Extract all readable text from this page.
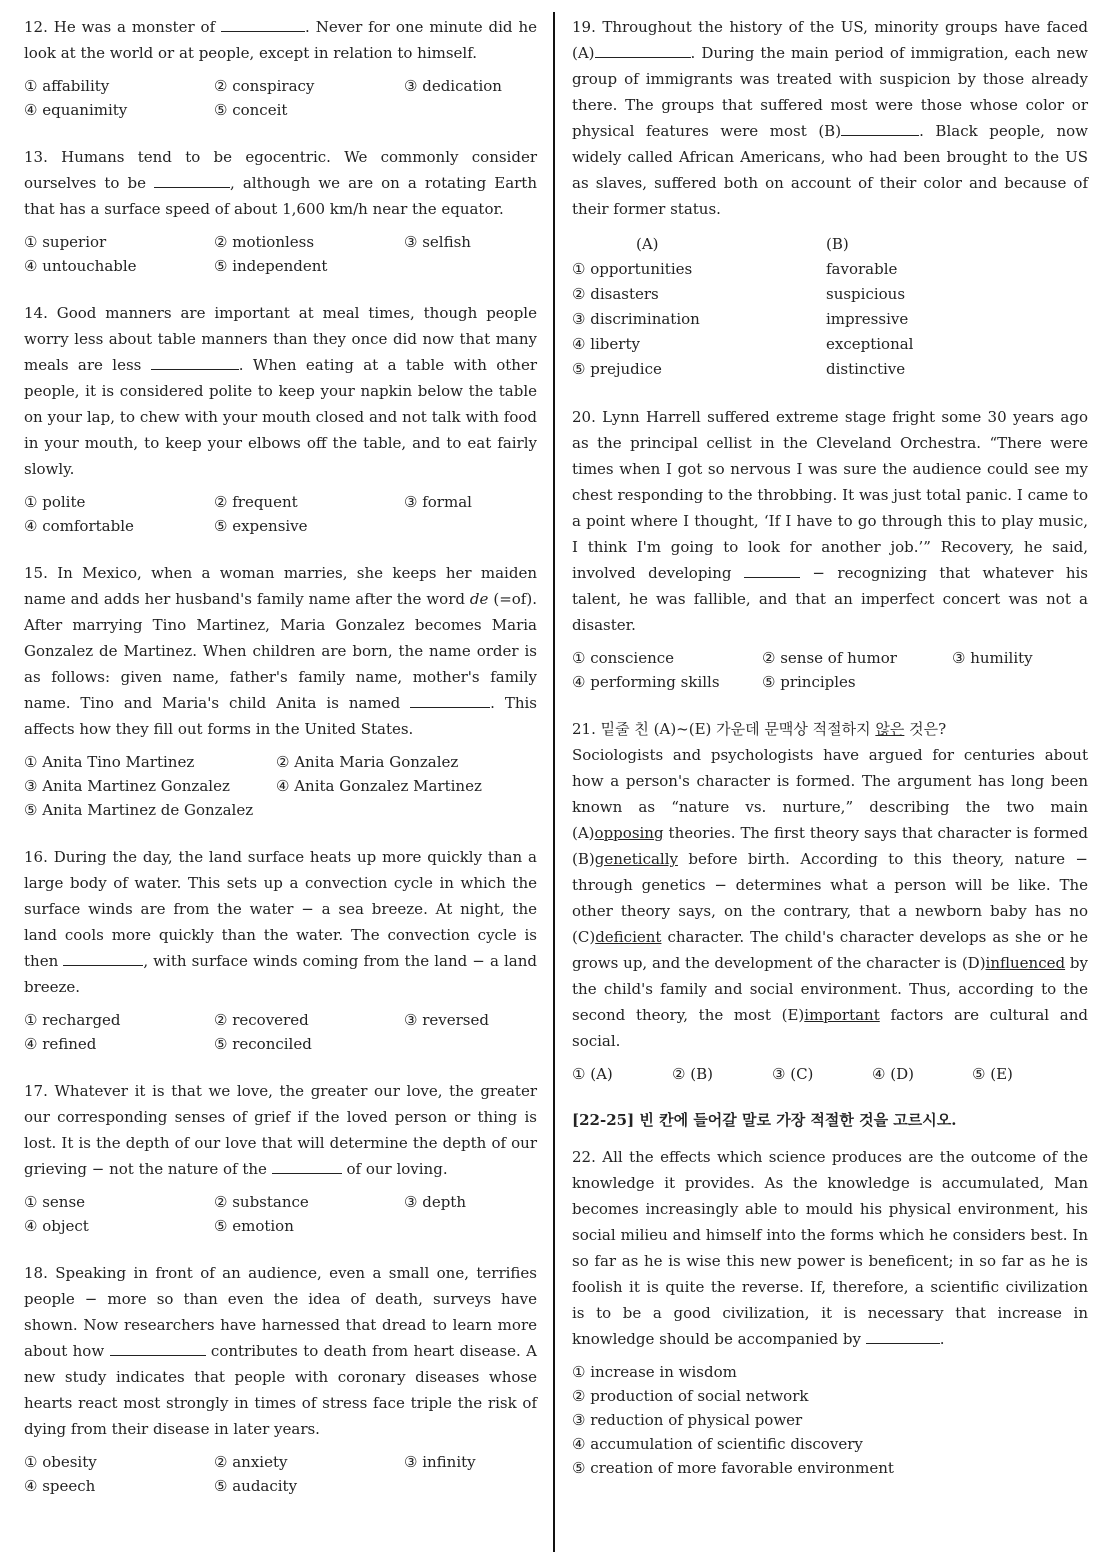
12. He was a monster of	. Never for one minute did he look at the world or at people, except in relation to himself.

① affability	② conspiracy	③ dedication
④ equanimity	⑤ conceit

13. Humans tend to be egocentric. We commonly consider ourselves to be	, although we are on a rotating Earth that has a surface speed of about 1,600 km/h near the equator.

① superior	② motionless	③ selfish
④ untouchable	⑤ independent

14. Good manners are important at meal times, though people worry less about table manners than they once did now that many meals are less	. When eating at a table with other people, it is considered polite to keep your napkin below the table on your lap, to chew with your mouth closed and not talk with food in your mouth, to keep your elbows off the table, and to eat fairly slowly.

① polite	② frequent	③ formal
④ comfortable	⑤ expensive

15. In Mexico, when a woman marries, she keeps her maiden name and adds her husband's family name after the word de (=of). After marrying Tino Martinez, Maria Gonzalez becomes Maria Gonzalez de Martinez. When children are born, the name order is as follows: given name, father's family name, mother's family name. Tino and Maria's child Anita is named	. This affects how they fill out forms in the United States.

① Anita Tino Martinez	② Anita Maria Gonzalez
③ Anita Martinez Gonzalez	④ Anita Gonzalez Martinez
⑤ Anita Martinez de Gonzalez

16. During the day, the land surface heats up more quickly than a large body of water. This sets up a convection cycle in which the surface winds are from the water − a sea breeze. At night, the land cools more quickly than the water. The convection cycle is then	, with surface winds coming from the land − a land breeze.

① recharged	② recovered	③ reversed
④ refined	⑤ reconciled

17. Whatever it is that we love, the greater our love, the greater our corresponding senses of grief if the loved person or thing is lost. It is the depth of our love that will determine the depth of our grieving − not the nature of the	of our loving.

① sense	② substance	③ depth
④ object	⑤ emotion

18. Speaking in front of an audience, even a small one, terrifies people − more so than even the idea of death, surveys have shown. Now researchers have harnessed that dread to learn more about how	contributes to death from heart disease. A new study indicates that people with coronary diseases whose hearts react most strongly in times of stress face triple the risk of dying from their disease in later years.

① obesity	② anxiety	③ infinity
④ speech	⑤ audacity

19. Throughout the history of the US, minority groups have faced (A)	. During the main period of immigration, each new group of immigrants was treated with suspicion by those already there. The groups that suffered most were those whose color or physical features were most (B)	. Black people, now widely called African Americans, who had been brought to the US as slaves, suffered both on account of their color and because of their former status.

(A)	(B)
① opportunities	favorable
② disasters	suspicious
③ discrimination	impressive
④ liberty	exceptional
⑤ prejudice	distinctive

20. Lynn Harrell suffered extreme stage fright some 30 years ago as the principal cellist in the Cleveland Orchestra. “There were times when I got so nervous I was sure the audience could see my chest responding to the throbbing. It was just total panic. I came to a point where I thought, ‘If I have to go through this to play music, I think I'm going to look for another job.’” Recovery, he said, involved developing	− recognizing that whatever his talent, he was fallible, and that an imperfect concert was not a disaster.

① conscience	② sense of humor	③ humility
④ performing skills	⑤ principles

21. 밑줄 친 (A)~(E) 가운데 문맥상 적절하지 않은 것은?

Sociologists and psychologists have argued for centuries about how a person's character is formed. The argument has long been known as “nature vs. nurture,” describing the two main (A)opposing theories. The first theory says that character is formed (B)genetically before birth. According to this theory, nature − through genetics − determines what a person will be like. The other theory says, on the contrary, that a newborn baby has no (C)deficient character. The child's character develops as she or he grows up, and the development of the character is (D)influenced by the child's family and social environment. Thus, according to the second theory, the most (E)important factors are cultural and social.

① (A)	② (B)	③ (C)	④ (D)	⑤ (E)
[22-25] 빈 칸에 들어갈 말로 가장 적절한 것을 고르시오.

22. All the effects which science produces are the outcome of the knowledge it provides. As the knowledge is accumulated, Man becomes increasingly able to mould his physical environment, his social milieu and himself into the forms which he considers best. In so far as he is wise this new power is beneficent; in so far as he is foolish it is quite the reverse. If, therefore, a scientific civilization is to be a good civilization, it is necessary that increase in knowledge should be accompanied by	.

① increase in wisdom
② production of social network
③ reduction of physical power
④ accumulation of scientific discovery
⑤ creation of more favorable environment
